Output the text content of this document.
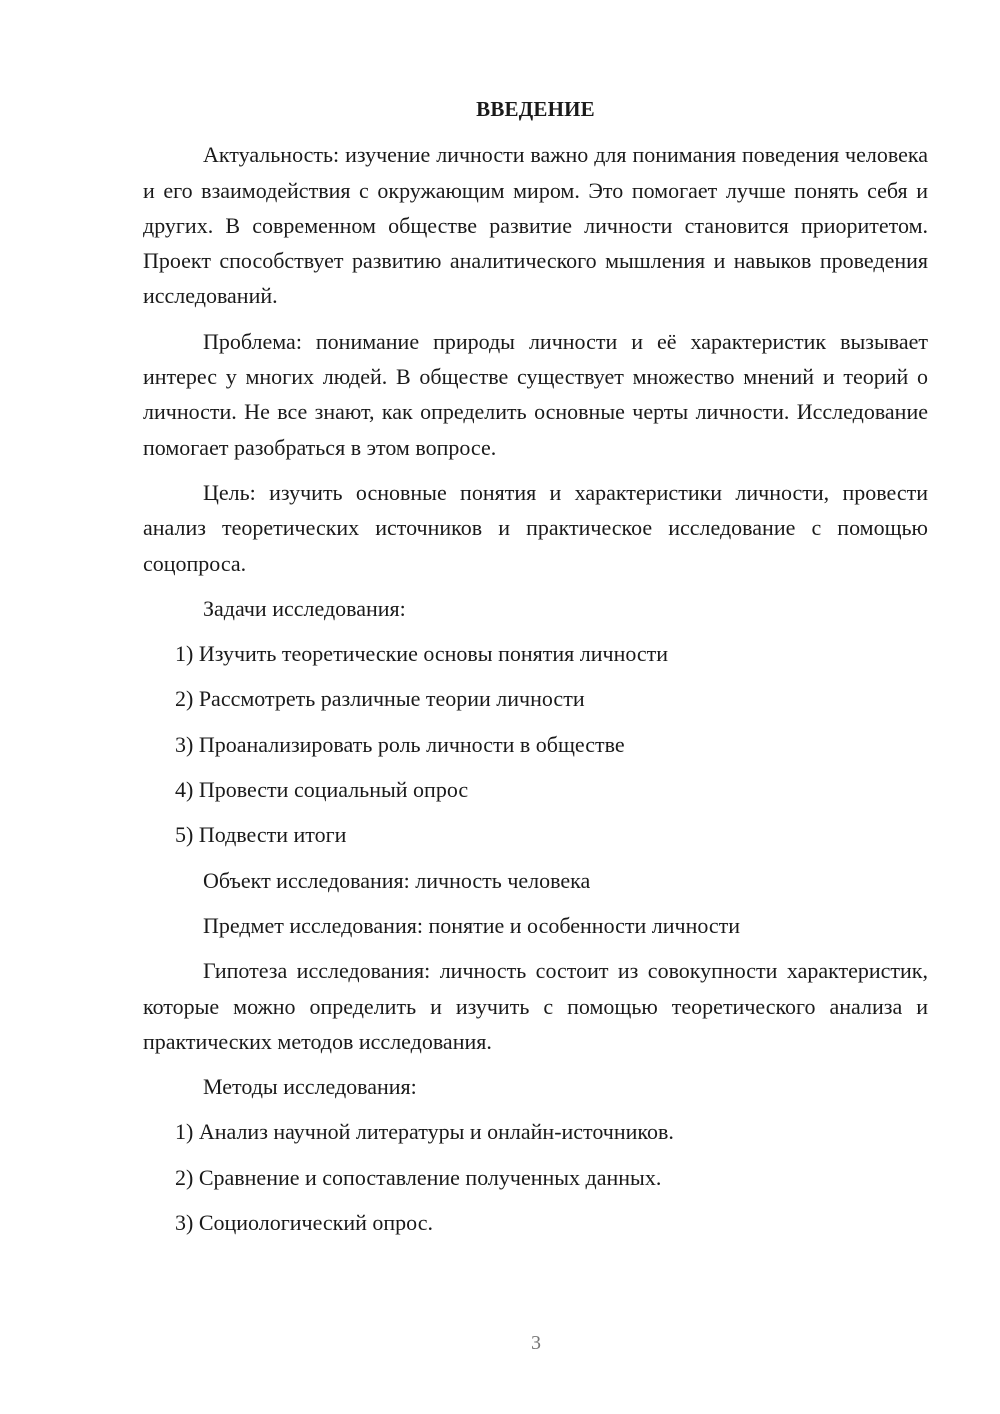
ВВЕДЕНИЕ
Актуальность: изучение личности важно для понимания поведения человека и его взаимодействия с окружающим миром. Это помогает лучше понять себя и других. В современном обществе развитие личности становится приоритетом. Проект способствует развитию аналитического мышления и навыков проведения исследований.
Проблема: понимание природы личности и её характеристик вызывает интерес у многих людей. В обществе существует множество мнений и теорий о личности. Не все знают, как определить основные черты личности. Исследование помогает разобраться в этом вопросе.
Цель: изучить основные понятия и характеристики личности, провести анализ теоретических источников и практическое исследование с помощью соцопроса.
Задачи исследования:
1) Изучить теоретические основы понятия личности
2) Рассмотреть различные теории личности
3) Проанализировать роль личности в обществе
4) Провести социальный опрос
5) Подвести итоги
Объект исследования: личность человека
Предмет исследования: понятие и особенности личности
Гипотеза исследования: личность состоит из совокупности характеристик, которые можно определить и изучить с помощью теоретического анализа и практических методов исследования.
Методы исследования:
1) Анализ научной литературы и онлайн-источников.
2) Сравнение и сопоставление полученных данных.
3) Социологический опрос.
3
